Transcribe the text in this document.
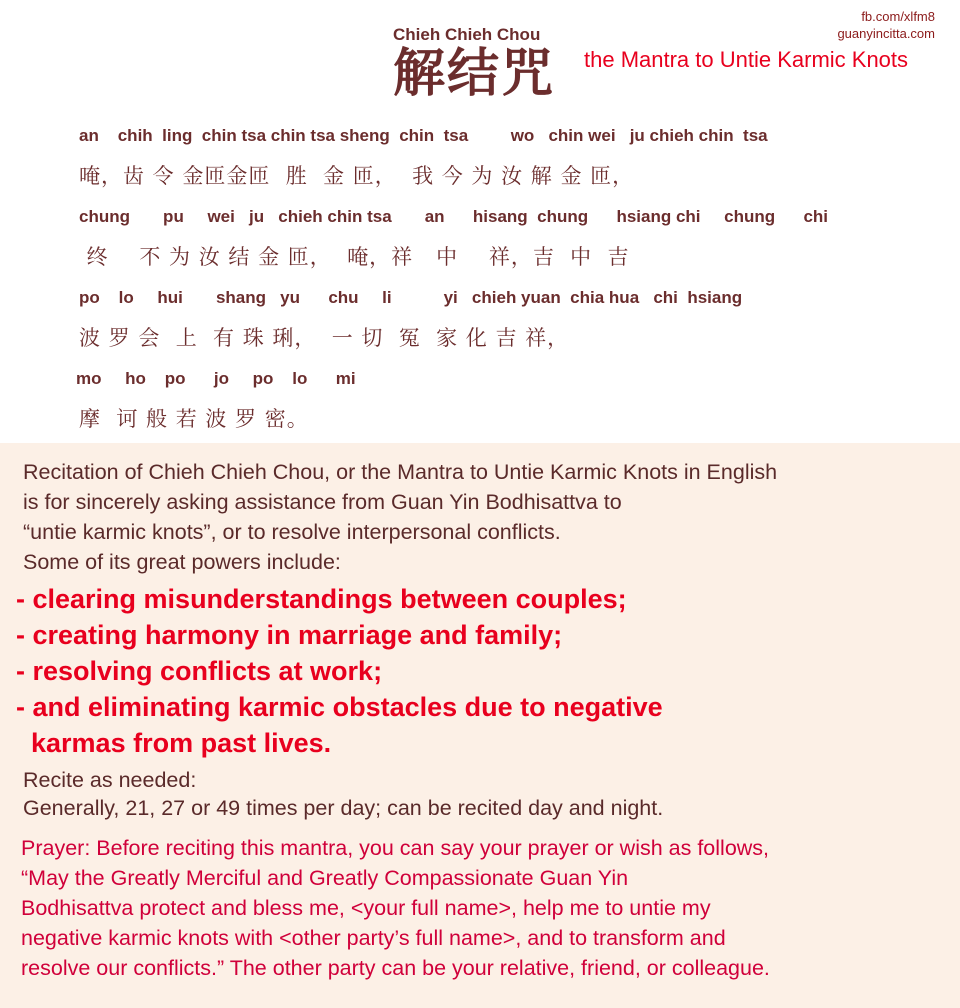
Chieh Chieh Chou
解结咒 the Mantra to Untie Karmic Knots
fb.com/xlfm8
guanyincitta.com
an    chih  ling  chin tsa chin tsa sheng  chin  tsa         wo   chin wei   ju chieh chin  tsa
唵，齿 令 金匝金匝  胜  金 匝，  我 今 为 汝 解 金 匝，
chung       pu     wei   ju   chieh chin tsa       an      hisang  chung      hsiang chi     chung      chi
终    不 为 汝 结 金 匝，  唵，祥   中    祥，吉  中  吉
po    lo     hui       shang   yu      chu     li           yi   chieh yuan  chia hua   chi  hsiang
波 罗 会  上  有 珠 琍，  一 切  冤  家 化 吉 祥，
mo     ho    po      jo     po    lo      mi
摩  诃 般 若 波 罗 密。
Recitation of Chieh Chieh Chou, or the Mantra to Untie Karmic Knots in English
is for sincerely asking assistance from Guan Yin Bodhisattva to
“untie karmic knots”, or to resolve interpersonal conflicts.
Some of its great powers include:
- clearing misunderstandings between couples;
- creating harmony in marriage and family;
- resolving conflicts at work;
- and eliminating karmic obstacles due to negative
karmas from past lives.
Recite as needed:
Generally, 21, 27 or 49 times per day; can be recited day and night.
Prayer: Before reciting this mantra, you can say your prayer or wish as follows,
“May the Greatly Merciful and Greatly Compassionate Guan Yin
Bodhisattva protect and bless me, <your full name>, help me to untie my
negative karmic knots with <other party’s full name>, and to transform and
resolve our conflicts.” The other party can be your relative, friend, or colleague.
